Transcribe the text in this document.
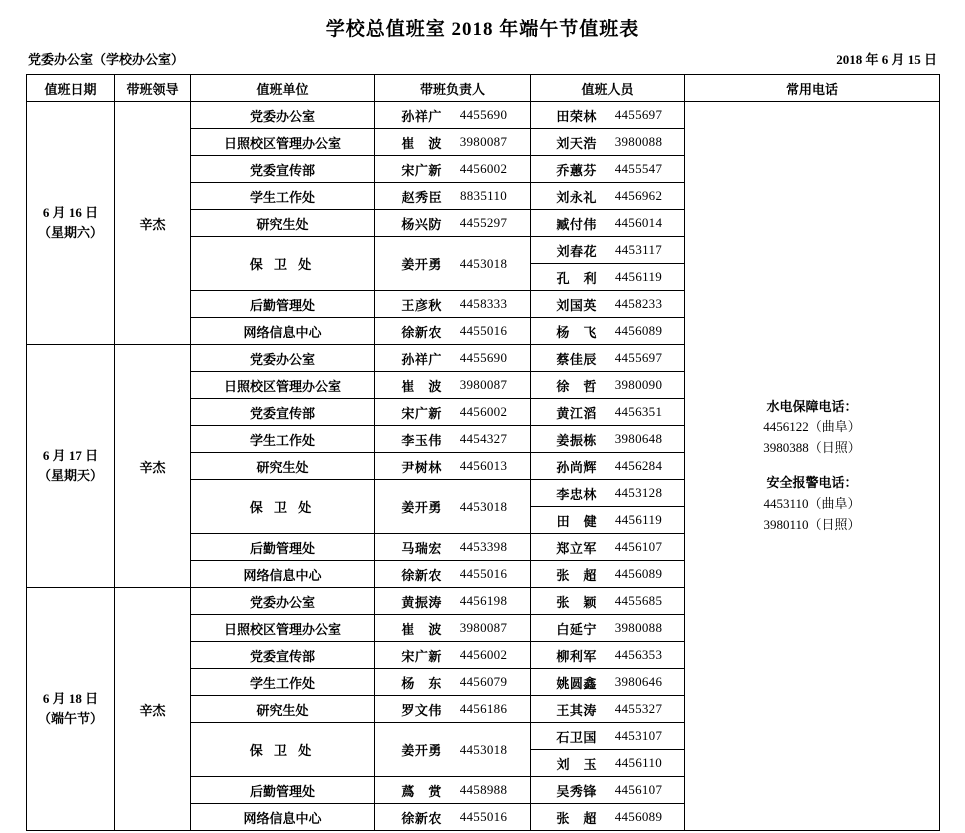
学校总值班室 2018 年端午节值班表
党委办公室（学校办公室）	2018 年 6 月 15 日
值班日期	带班领导	值班单位	带班负责人	值班人员	常用电话

6 月 16 日
（星期六）
	辛杰	党委办公室	孙祥广 4455690	田荣林 4455697

水电保障电话：
4456122（曲阜）
3980388（日照）
安全报警电话：
4453110（曲阜）
3980110（日照）

		日照校区管理办公室	崔　波 3980087	刘天浩 3980088	

		党委宣传部	宋广新 4456002	乔蕙芬 4455547	

		学生工作处	赵秀臣 8835110	刘永礼 4456962	

		研究生处	杨兴防 4455297	臧付伟 4456014	

		保 卫 处	姜开勇 4453018	刘春花 4453117	

				孔　利 4456119	

		后勤管理处	王彦秋 4458333	刘国英 4458233	

		网络信息中心	徐新农 4455016	杨　飞 4456089	

6 月 17 日
（星期天）
	辛杰	党委办公室	孙祥广 4455690	蔡佳辰 4455697

		日照校区管理办公室	崔　波 3980087	徐　哲 3980090	

		党委宣传部	宋广新 4456002	黄江滔 4456351	

		学生工作处	李玉伟 4454327	姜振栋 3980648	

		研究生处	尹树林 4456013	孙尚辉 4456284	

		保 卫 处	姜开勇 4453018	李忠林 4453128	

				田　健 4456119	

		后勤管理处	马瑞宏 4453398	郑立军 4456107	

		网络信息中心	徐新农 4455016	张　超 4456089	

6 月 18 日
（端午节）
	辛杰	党委办公室	黄振涛 4456198	张　颖 4455685

		日照校区管理办公室	崔　波 3980087	白延宁 3980088	

		党委宣传部	宋广新 4456002	柳利军 4456353	

		学生工作处	杨　东 4456079	姚圆鑫 3980646	

		研究生处	罗文伟 4456186	王其涛 4455327	

		保 卫 处	姜开勇 4453018	石卫国 4453107	

				刘　玉 4456110	

		后勤管理处	蔿　赏 4458988	吴秀锋 4456107	

		网络信息中心	徐新农 4455016	张　超 4456089	
